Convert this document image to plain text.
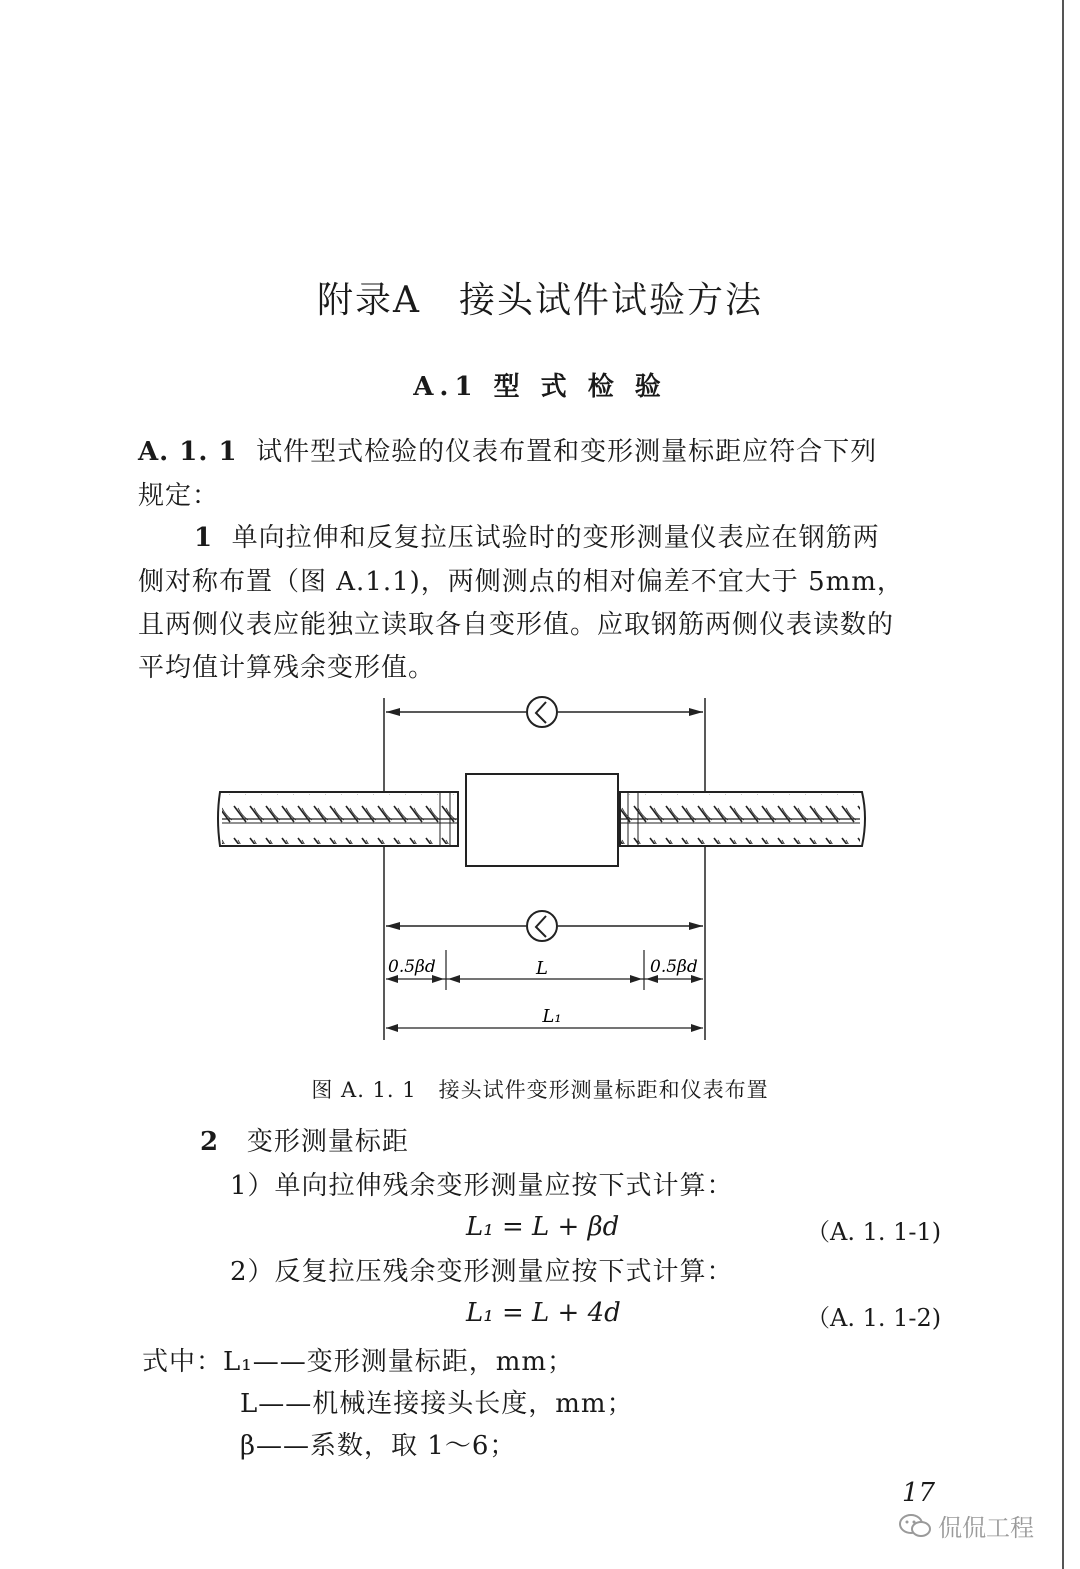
附录A　接头试件试验方法
A.1 型 式 检 验
A. 1. 1 试件型式检验的仪表布置和变形测量标距应符合下列
规定：
1 单向拉伸和反复拉压试验时的变形测量仪表应在钢筋两
侧对称布置（图 A.1.1)，两侧测点的相对偏差不宜大于 5mm，
且两侧仪表应能独立读取各自变形值。应取钢筋两侧仪表读数的
平均值计算残余变形值。
0.5βd	L	0.5βd
L₁
图 A. 1. 1　接头试件变形测量标距和仪表布置
2 变形测量标距
1）单向拉伸残余变形测量应按下式计算：
L₁ = L + βd	（A. 1. 1-1)
2）反复拉压残余变形测量应按下式计算：
L₁ = L + 4d	（A. 1. 1-2)
式中：L₁——变形测量标距，mm；
L——机械连接接头长度，mm；
β——系数，取 1～6；
17
侃侃工程
